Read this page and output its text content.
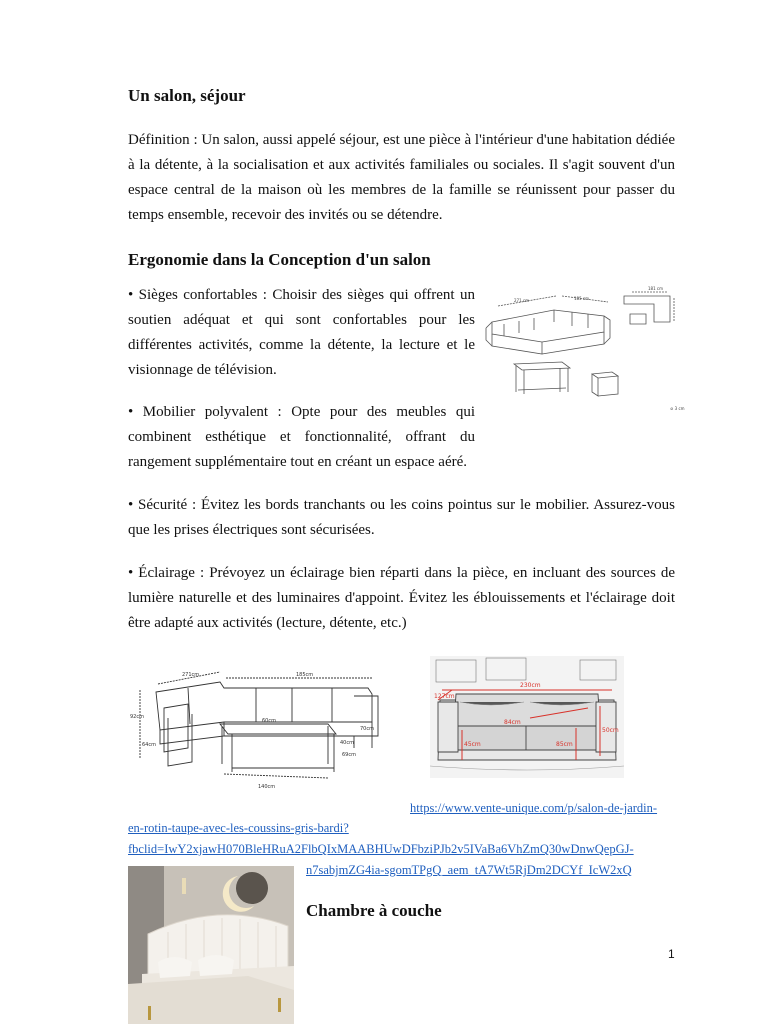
Un salon, séjour
Définition : Un salon, aussi appelé séjour, est une pièce à l'intérieur d'une habitation dédiée à la détente, à la socialisation et aux activités familiales ou sociales. Il s'agit souvent d'un espace central de la maison où les membres de la famille se réunissent pour passer du temps ensemble, recevoir des invités ou se détendre.
Ergonomie dans la Conception d'un salon
• Sièges confortables : Choisir des sièges qui offrent un soutien adéquat et qui sont confortables pour les différentes activités, comme la détente, la lecture et le visionnage de télévision.
• Mobilier polyvalent : Opte pour des meubles qui combinent esthétique et fonctionnalité, offrant du rangement supplémentaire tout en créant un espace aéré.
• Sécurité : Évitez les bords tranchants ou les coins pointus sur le mobilier. Assurez-vous que les prises électriques sont sécurisées.
• Éclairage : Prévoyez un éclairage bien réparti dans la pièce, en incluant des sources de lumière naturelle et des luminaires d'appoint. Évitez les éblouissements et l'éclairage doit être adapté aux activités (lecture, détente, etc.)
181 cm
271 cm	185 cm
⊘ 3 cm
271cm	185cm
92cm
69cm
64cm
70cm
140cm
60cm
40cm
230cm
127cm
84cm
45cm	85cm
50cm
https://www.vente-unique.com/p/salon-de-jardin-
en-rotin-taupe-avec-les-coussins-gris-bardi?
fbclid=IwY2xjawH070BleHRuA2FlbQIxMAABHUwDFbziPJb2v5IVaBa6VhZmQ30wDnwQepGJ-
n7sabjmZG4ia-sgomTPgQ_aem_tA7Wt5RjDm2DCYf_IcW2xQ
Chambre à couche
1
